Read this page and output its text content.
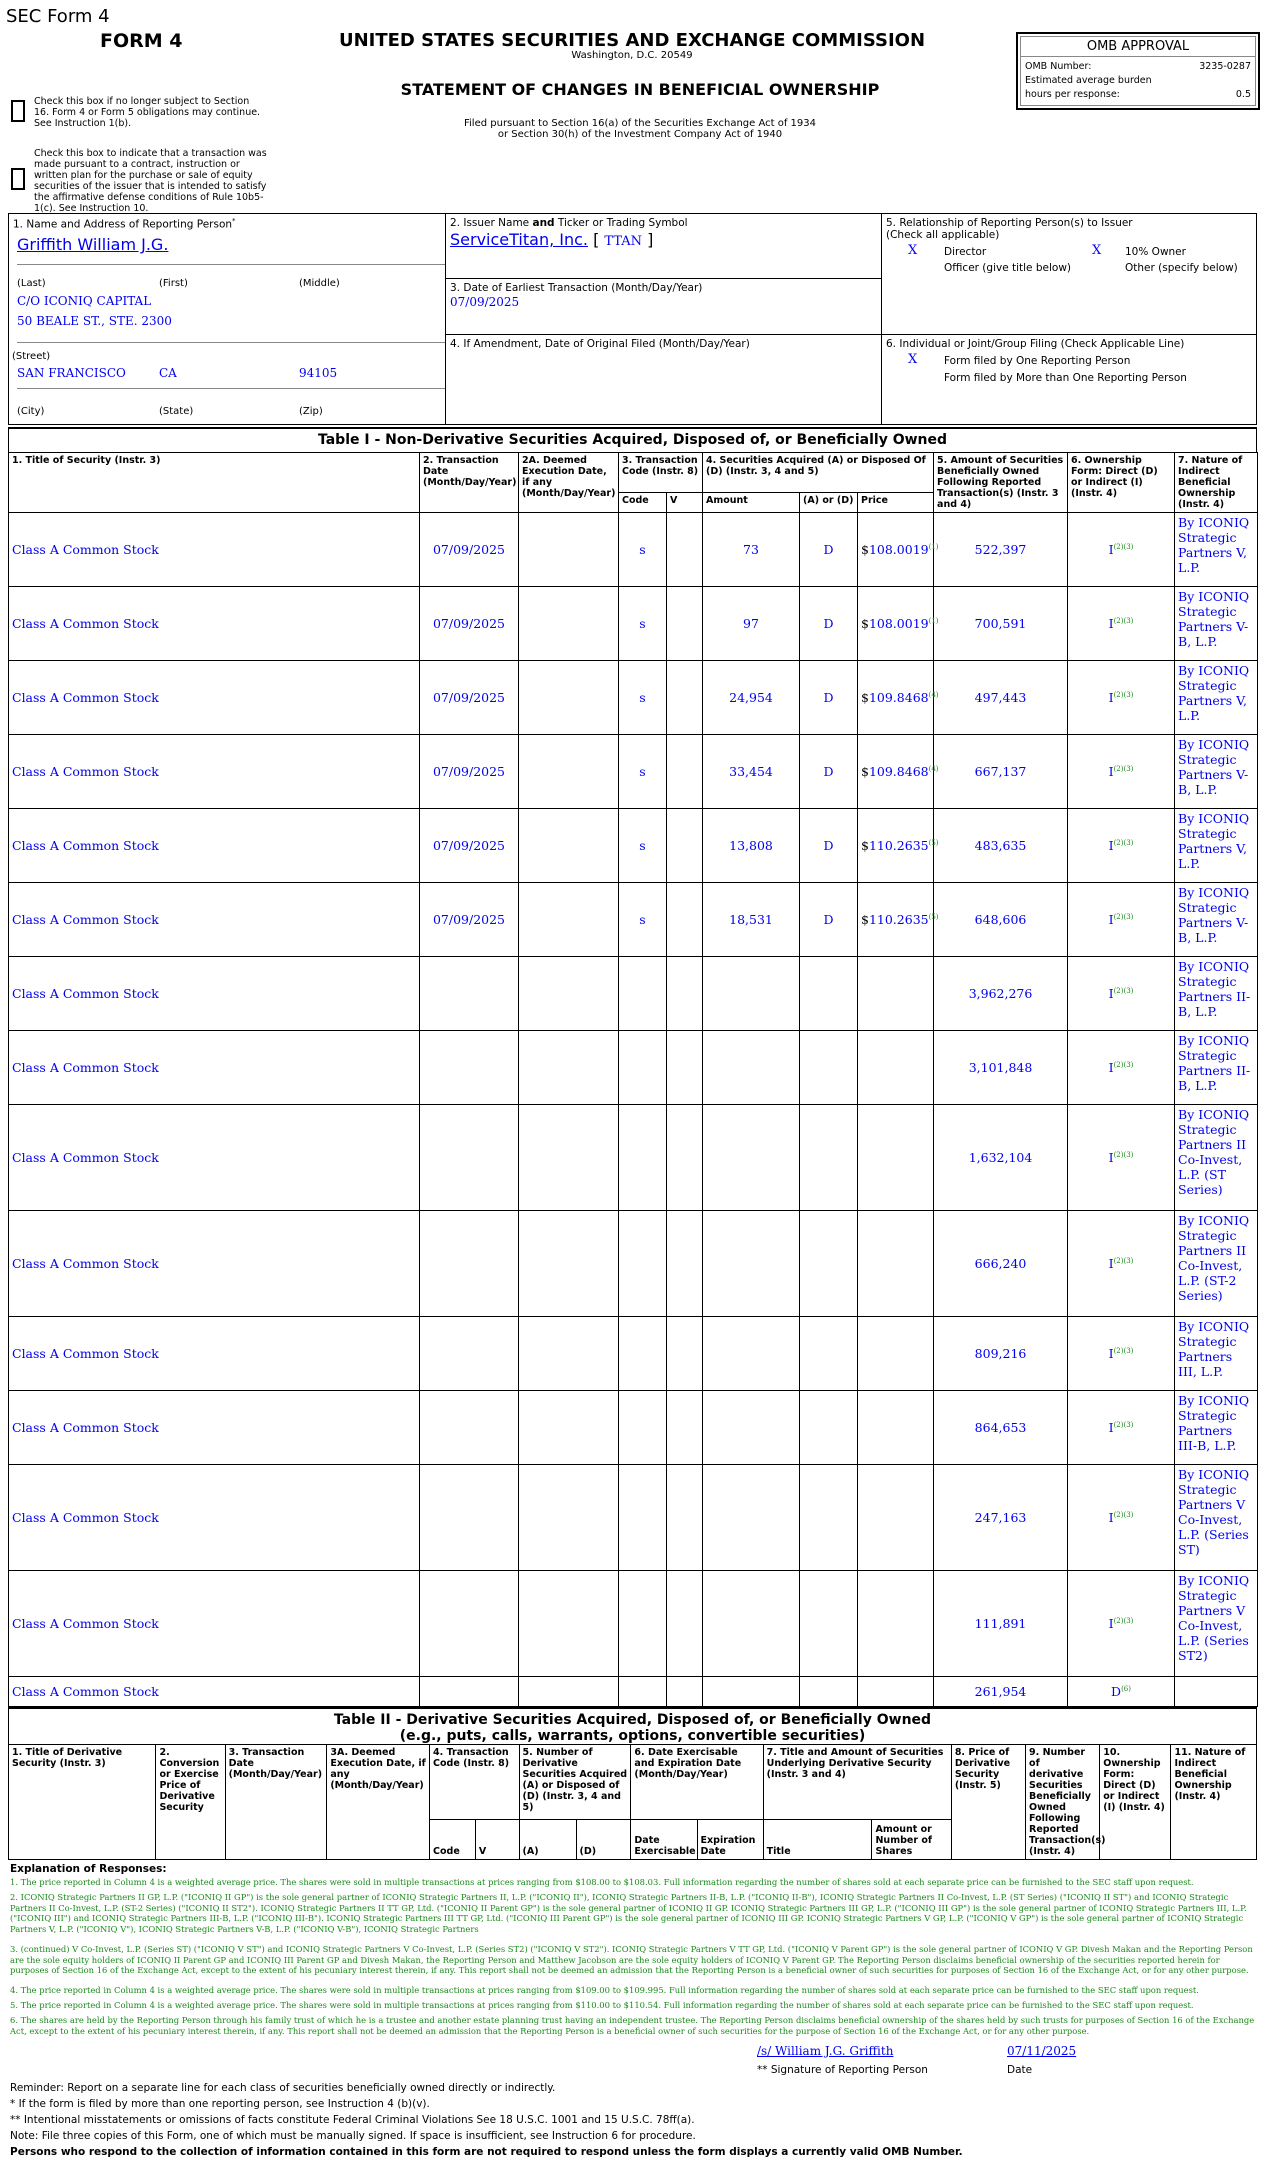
SEC Form 4
FORM 4	UNITED STATES SECURITIES AND EXCHANGE COMMISSION
Washington, D.C. 20549
STATEMENT OF CHANGES IN BENEFICIAL OWNERSHIP
Filed pursuant to Section 16(a) of the Securities Exchange Act of 1934
or Section 30(h) of the Investment Company Act of 1940
OMB APPROVAL
OMB Number:	3235-0287
Estimated average burden
hours per response:	0.5
Check this box if no longer subject to Section 16. Form 4 or Form 5 obligations may continue. See Instruction 1(b).
Check this box to indicate that a transaction was made pursuant to a contract, instruction or written plan for the purchase or sale of equity securities of the issuer that is intended to satisfy the affirmative defense conditions of Rule 10b5-1(c). See Instruction 10.
1. Name and Address of Reporting Person*
Griffith William J.G.
(Last)	(First)	(Middle)
C/O ICONIQ CAPITAL
50 BEALE ST., STE. 2300
(Street)
SAN FRANCISCO	CA	94105
(City)	(State)	(Zip)
2. Issuer Name and Ticker or Trading Symbol
ServiceTitan, Inc. [ TTAN ]
3. Date of Earliest Transaction (Month/Day/Year)
07/09/2025
4. If Amendment, Date of Original Filed (Month/Day/Year)
5. Relationship of Reporting Person(s) to Issuer
(Check all applicable)
X	Director	X 10% Owner
Officer (give title below)	Other (specify below)
6. Individual or Joint/Group Filing (Check Applicable Line)
X	Form filed by One Reporting Person
Form filed by More than One Reporting Person
Table I - Non-Derivative Securities Acquired, Disposed of, or Beneficially Owned
1. Title of Security (Instr. 3)	2. Transaction Date (Month/Day/Year)	2A. Deemed Execution Date, if any (Month/Day/Year)	3. Transaction Code (Instr. 8)		4. Securities Acquired (A) or Disposed Of (D) (Instr. 3, 4 and 5)			5. Amount of Securities Beneficially Owned Following Reported Transaction(s) (Instr. 3 and 4)	6. Ownership Form: Direct (D) or Indirect (I) (Instr. 4)	7. Nature of Indirect Beneficial Ownership (Instr. 4)
			Code	V	Amount	(A) or (D)	Price			
Class A Common Stock	07/09/2025		s		73	D	$108.0019$^{(1)}$	522,397	I$^{(2)(3)}$	By ICONIQ Strategic Partners V, L.P.
Class A Common Stock	07/09/2025		s		97	D	$108.0019$^{(1)}$	700,591	I$^{(2)(3)}$	By ICONIQ Strategic Partners V-B, L.P.
Class A Common Stock	07/09/2025		s		24,954	D	$109.8468$^{(4)}$	497,443	I$^{(2)(3)}$	By ICONIQ Strategic Partners V, L.P.
Class A Common Stock	07/09/2025		s		33,454	D	$109.8468$^{(4)}$	667,137	I$^{(2)(3)}$	By ICONIQ Strategic Partners V-B, L.P.
Class A Common Stock	07/09/2025		s		13,808	D	$110.2635$^{(5)}$	483,635	I$^{(2)(3)}$	By ICONIQ Strategic Partners V, L.P.
Class A Common Stock	07/09/2025		s		18,531	D	$110.2635$^{(5)}$	648,606	I$^{(2)(3)}$	By ICONIQ Strategic Partners V-B, L.P.
Class A Common Stock								3,962,276	I$^{(2)(3)}$	By ICONIQ Strategic Partners II-B, L.P.
Class A Common Stock								3,101,848	I$^{(2)(3)}$	By ICONIQ Strategic Partners II-B, L.P.
Class A Common Stock								1,632,104	I$^{(2)(3)}$	By ICONIQ Strategic Partners II Co-Invest, L.P. (ST Series)
Class A Common Stock								666,240	I$^{(2)(3)}$	By ICONIQ Strategic Partners II Co-Invest, L.P. (ST-2 Series)
Class A Common Stock								809,216	I$^{(2)(3)}$	By ICONIQ Strategic Partners III, L.P.
Class A Common Stock								864,653	I$^{(2)(3)}$	By ICONIQ Strategic Partners III-B, L.P.
Class A Common Stock								247,163	I$^{(2)(3)}$	By ICONIQ Strategic Partners V Co-Invest, L.P. (Series ST)
Class A Common Stock								111,891	I$^{(2)(3)}$	By ICONIQ Strategic Partners V Co-Invest, L.P. (Series ST2)
Class A Common Stock								261,954	D$^{(6)}$	
Table II - Derivative Securities Acquired, Disposed of, or Beneficially Owned
(e.g., puts, calls, warrants, options, convertible securities)
1. Title of Derivative Security (Instr. 3)	2. Conversion or Exercise Price of Derivative Security	3. Transaction Date (Month/Day/Year)	3A. Deemed Execution Date, if any (Month/Day/Year)	4. Transaction Code (Instr. 8)		5. Number of Derivative Securities Acquired (A) or Disposed of (D) (Instr. 3, 4 and 5)		6. Date Exercisable and Expiration Date (Month/Day/Year)		7. Title and Amount of Securities Underlying Derivative Security (Instr. 3 and 4)		8. Price of Derivative Security (Instr. 5)	9. Number of derivative Securities Beneficially Owned Following Reported Transaction(s) (Instr. 4)	10. Ownership Form: Direct (D) or Indirect (I) (Instr. 4)	11. Nature of Indirect Beneficial Ownership (Instr. 4)
				Code	V	(A)	(D)	Date Exercisable	Expiration Date	Title	Amount or Number of Shares				
Explanation of Responses:
1. The price reported in Column 4 is a weighted average price. The shares were sold in multiple transactions at prices ranging from $108.00 to $108.03. Full information regarding the number of shares sold at each separate price can be furnished to the SEC staff upon request.
2. ICONIQ Strategic Partners II GP, L.P. ("ICONIQ II GP") is the sole general partner of ICONIQ Strategic Partners II, L.P. ("ICONIQ II"), ICONIQ Strategic Partners II-B, L.P. ("ICONIQ II-B"), ICONIQ Strategic Partners II Co-Invest, L.P. (ST Series) ("ICONIQ II ST") and ICONIQ Strategic Partners II Co-Invest, L.P. (ST-2 Series) ("ICONIQ II ST2"). ICONIQ Strategic Partners II TT GP, Ltd. ("ICONIQ II Parent GP") is the sole general partner of ICONIQ II GP. ICONIQ Strategic Partners III GP, L.P. ("ICONIQ III GP") is the sole general partner of ICONIQ Strategic Partners III, L.P. ("ICONIQ III") and ICONIQ Strategic Partners III-B, L.P. ("ICONIQ III-B"). ICONIQ Strategic Partners III TT GP, Ltd. ("ICONIQ III Parent GP") is the sole general partner of ICONIQ III GP. ICONIQ Strategic Partners V GP, L.P. ("ICONIQ V GP") is the sole general partner of ICONIQ Strategic Partners V, L.P. ("ICONIQ V"), ICONIQ Strategic Partners V-B, L.P. ("ICONIQ V-B"), ICONIQ Strategic Partners
3. (continued) V Co-Invest, L.P. (Series ST) ("ICONIQ V ST") and ICONIQ Strategic Partners V Co-Invest, L.P. (Series ST2) ("ICONIQ V ST2"). ICONIQ Strategic Partners V TT GP, Ltd. ("ICONIQ V Parent GP") is the sole general partner of ICONIQ V GP. Divesh Makan and the Reporting Person are the sole equity holders of ICONIQ II Parent GP and ICONIQ III Parent GP and Divesh Makan, the Reporting Person and Matthew Jacobson are the sole equity holders of ICONIQ V Parent GP. The Reporting Person disclaims beneficial ownership of the securities reported herein for purposes of Section 16 of the Exchange Act, except to the extent of his pecuniary interest therein, if any. This report shall not be deemed an admission that the Reporting Person is a beneficial owner of such securities for purposes of Section 16 of the Exchange Act, or for any other purpose.
4. The price reported in Column 4 is a weighted average price. The shares were sold in multiple transactions at prices ranging from $109.00 to $109.995. Full information regarding the number of shares sold at each separate price can be furnished to the SEC staff upon request.
5. The price reported in Column 4 is a weighted average price. The shares were sold in multiple transactions at prices ranging from $110.00 to $110.54. Full information regarding the number of shares sold at each separate price can be furnished to the SEC staff upon request.
6. The shares are held by the Reporting Person through his family trust of which he is a trustee and another estate planning trust having an independent trustee. The Reporting Person disclaims beneficial ownership of the shares held by such trusts for purposes of Section 16 of the Exchange Act, except to the extent of his pecuniary interest therein, if any. This report shall not be deemed an admission that the Reporting Person is a beneficial owner of such securities for the purpose of Section 16 of the Exchange Act, or for any other purpose.
/s/ William J.G. Griffith	07/11/2025
** Signature of Reporting Person	Date
Reminder: Report on a separate line for each class of securities beneficially owned directly or indirectly.
* If the form is filed by more than one reporting person, see Instruction 4 (b)(v).
** Intentional misstatements or omissions of facts constitute Federal Criminal Violations See 18 U.S.C. 1001 and 15 U.S.C. 78ff(a).
Note: File three copies of this Form, one of which must be manually signed. If space is insufficient, see Instruction 6 for procedure.
Persons who respond to the collection of information contained in this form are not required to respond unless the form displays a currently valid OMB Number.
